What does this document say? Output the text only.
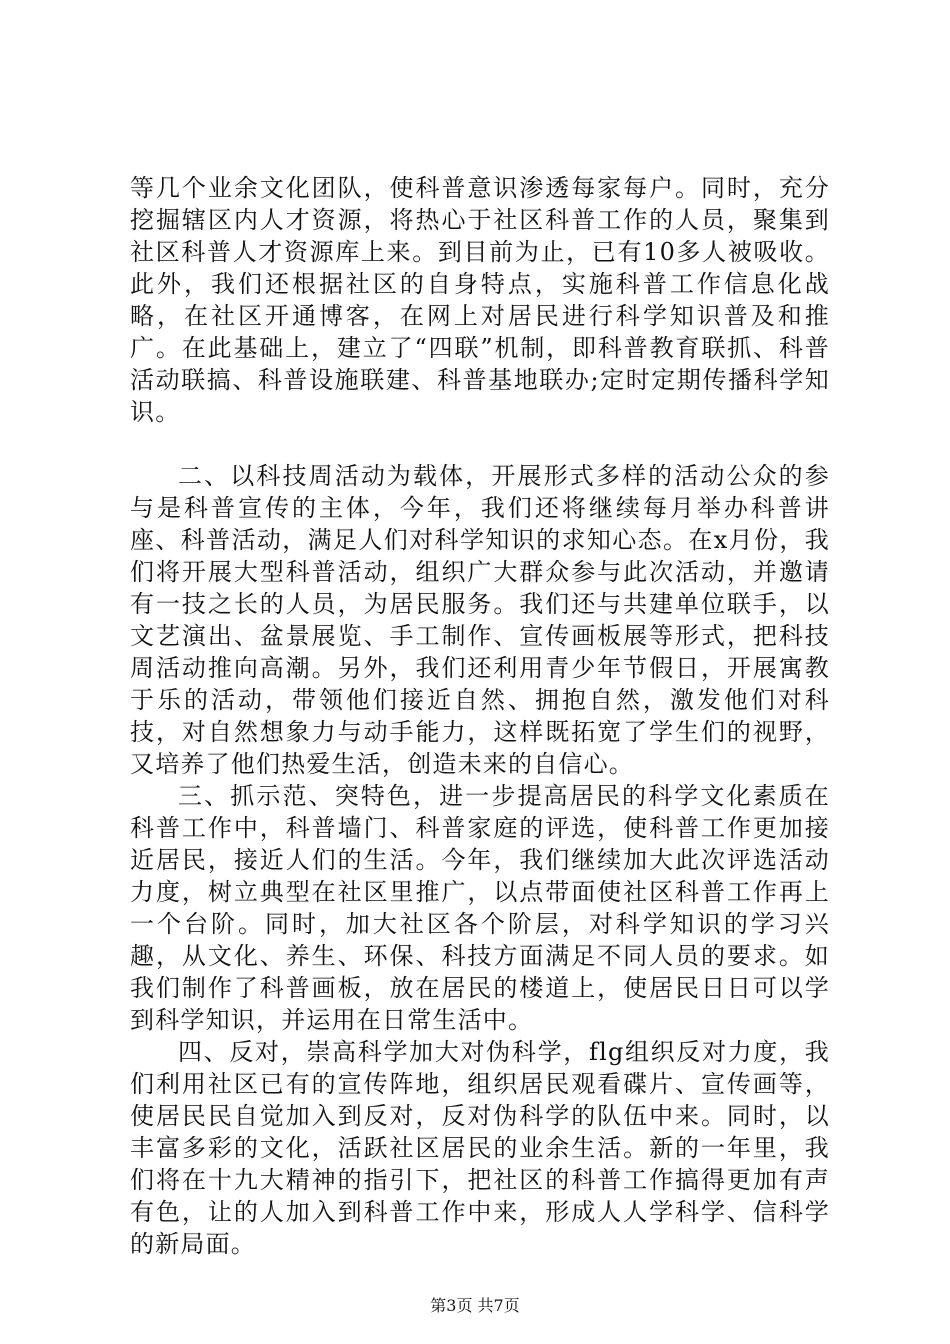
等几个业余文化团队，使科普意识渗透每家每户。同时，充分挖掘辖区内人才资源，将热心于社区科普工作的人员，聚集到社区科普人才资源库上来。到目前为止，已有10多人被吸收。此外，我们还根据社区的自身特点，实施科普工作信息化战略，在社区开通博客，在网上对居民进行科学知识普及和推广。在此基础上，建立了“四联”机制，即科普教育联抓、科普活动联搞、科普设施联建、科普基地联办;定时定期传播科学知识。

二、以科技周活动为载体，开展形式多样的活动公众的参与是科普宣传的主体，今年，我们还将继续每月举办科普讲座、科普活动，满足人们对科学知识的求知心态。在x月份，我们将开展大型科普活动，组织广大群众参与此次活动，并邀请有一技之长的人员，为居民服务。我们还与共建单位联手，以文艺演出、盆景展览、手工制作、宣传画板展等形式，把科技周活动推向高潮。另外，我们还利用青少年节假日，开展寓教于乐的活动，带领他们接近自然、拥抱自然，激发他们对科技，对自然想象力与动手能力，这样既拓宽了学生们的视野，又培养了他们热爱生活，创造未来的自信心。

三、抓示范、突特色，进一步提高居民的科学文化素质在科普工作中，科普墙门、科普家庭的评选，使科普工作更加接近居民，接近人们的生活。今年，我们继续加大此次评选活动力度，树立典型在社区里推广，以点带面使社区科普工作再上一个台阶。同时，加大社区各个阶层，对科学知识的学习兴趣，从文化、养生、环保、科技方面满足不同人员的要求。如我们制作了科普画板，放在居民的楼道上，使居民日日可以学到科学知识，并运用在日常生活中。

四、反对，崇高科学加大对伪科学，flg组织反对力度，我们利用社区已有的宣传阵地，组织居民观看碟片、宣传画等，使居民民自觉加入到反对，反对伪科学的队伍中来。同时，以丰富多彩的文化，活跃社区居民的业余生活。新的一年里，我们将在十九大精神的指引下，把社区的科普工作搞得更加有声有色，让的人加入到科普工作中来，形成人人学科学、信科学的新局面。

第3页 共7页
